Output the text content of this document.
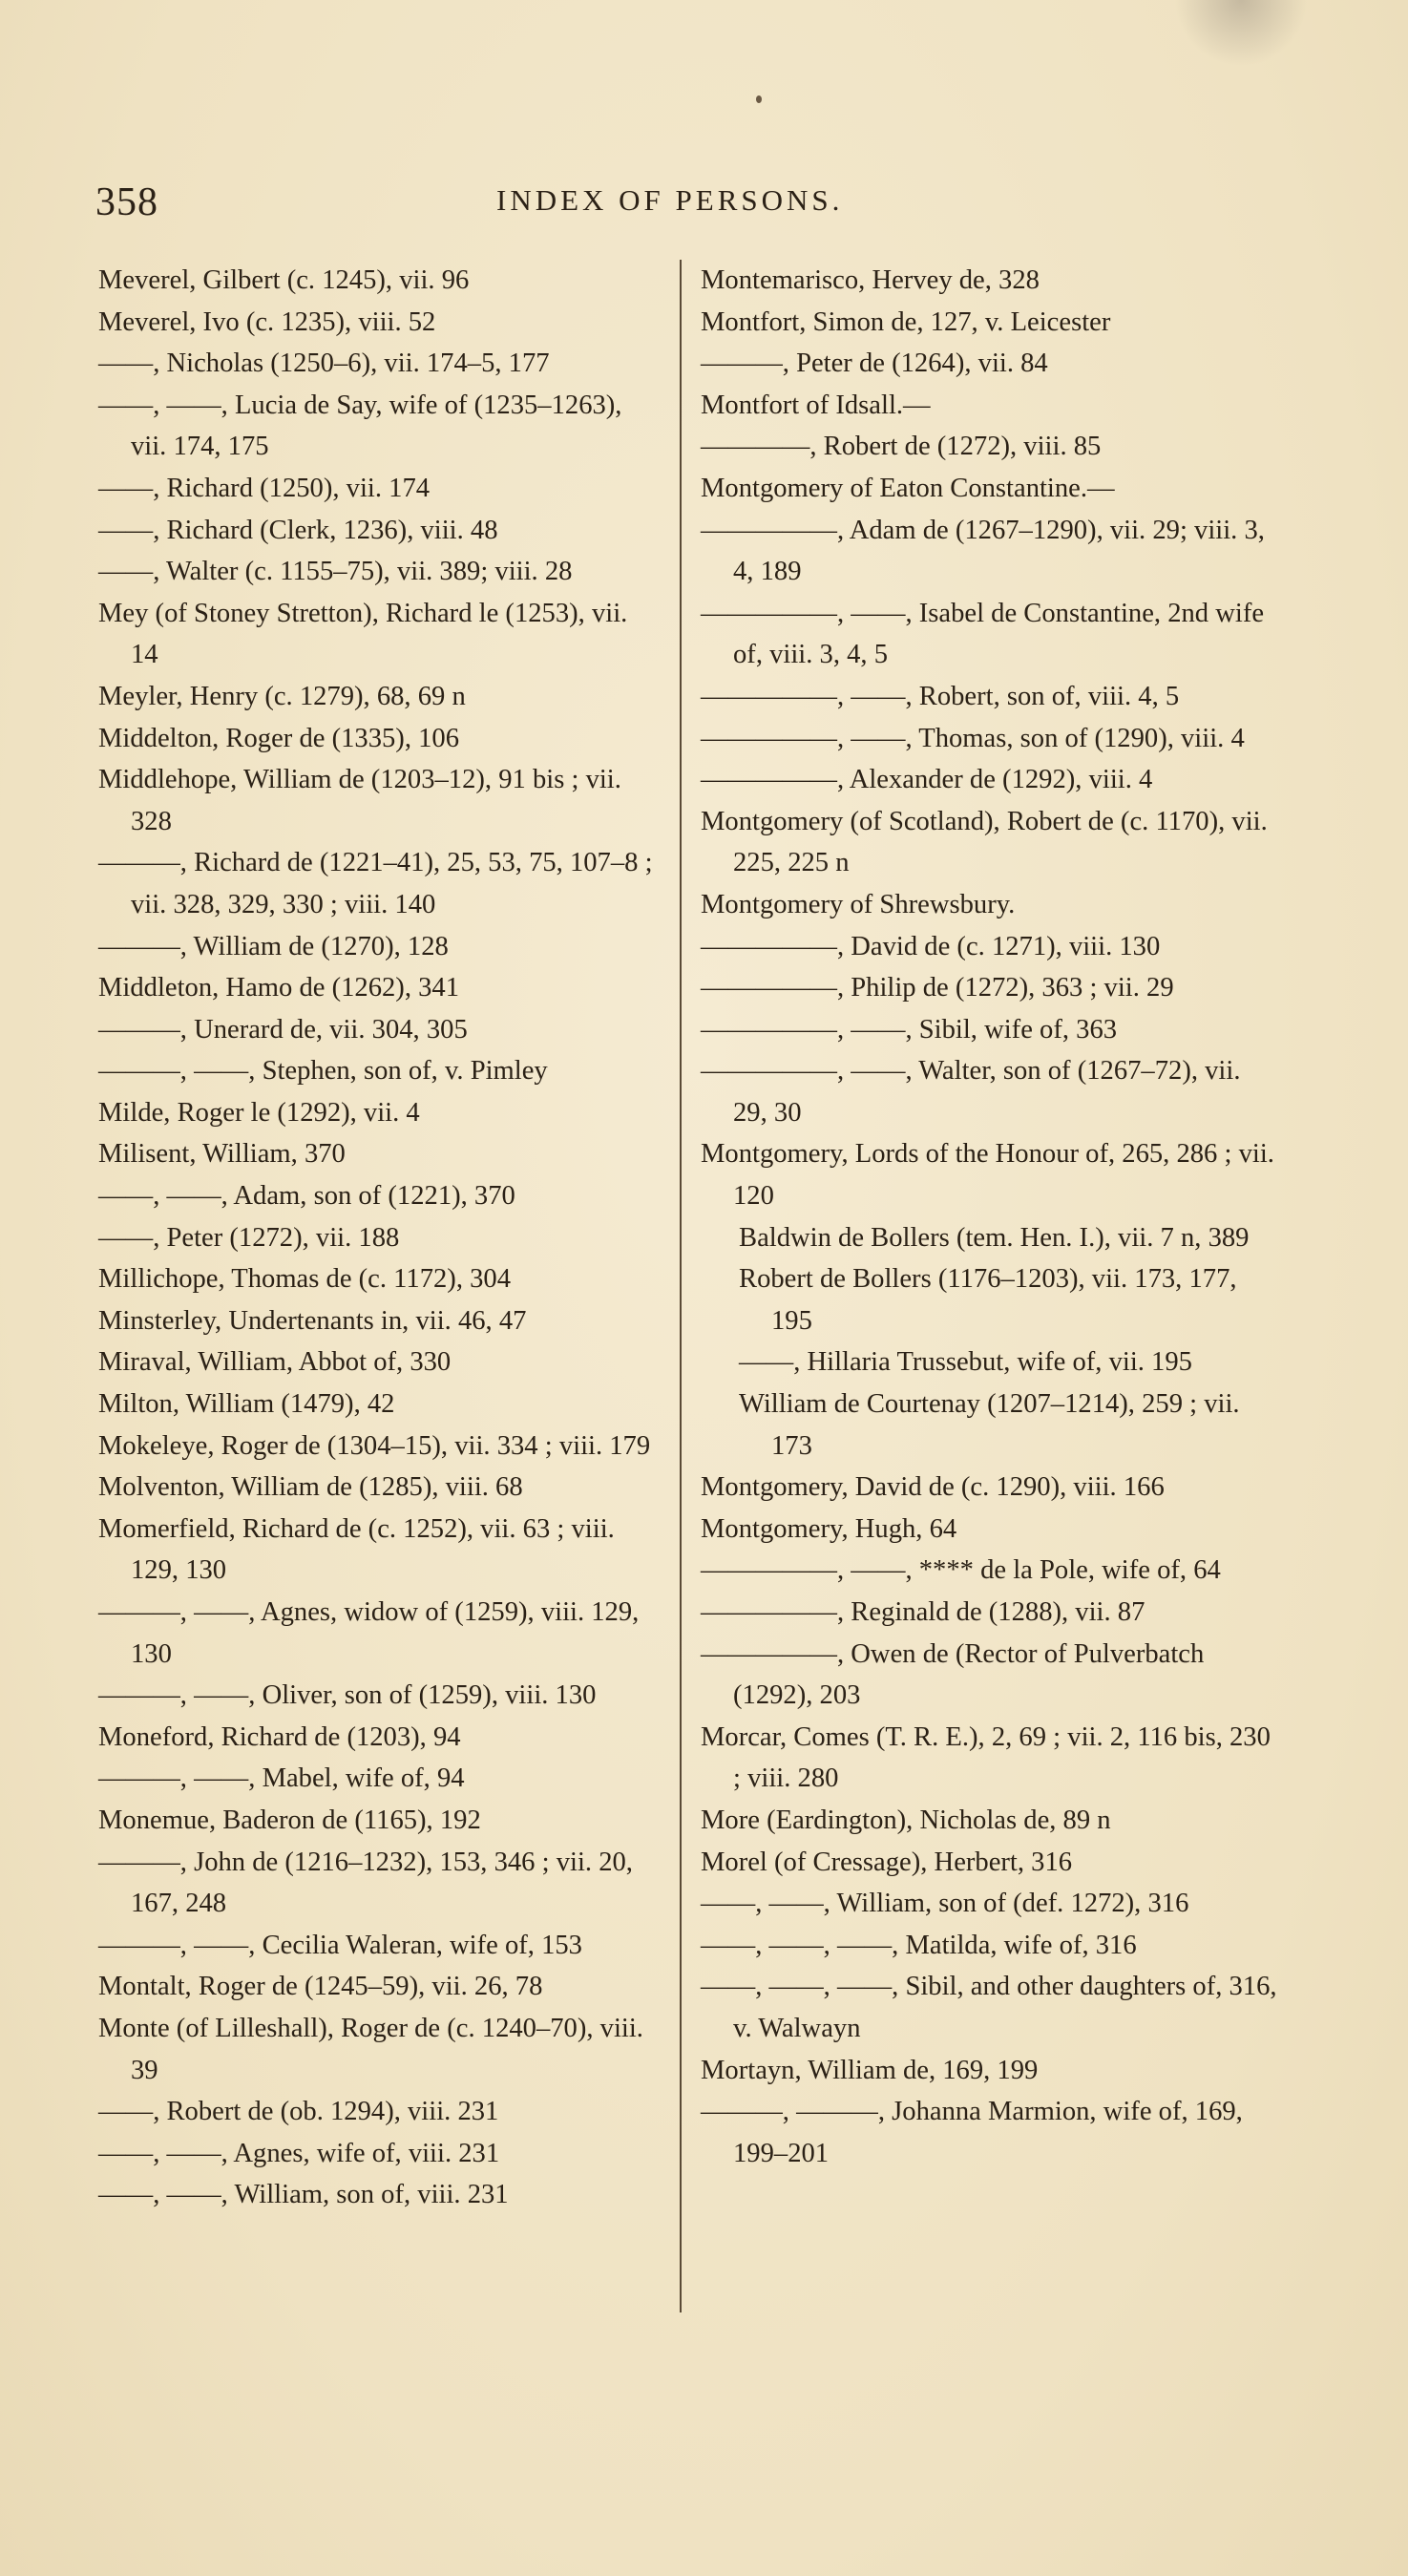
358	INDEX OF PERSONS.

Meverel, Gilbert (c. 1245), vii. 96

Meverel, Ivo (c. 1235), viii. 52

——, Nicholas (1250–6), vii. 174–5, 177

——, ——, Lucia de Say, wife of (1235–1263), vii. 174, 175

——, Richard (1250), vii. 174

——, Richard (Clerk, 1236), viii. 48

——, Walter (c. 1155–75), vii. 389; viii. 28

Mey (of Stoney Stretton), Richard le (1253), vii. 14

Meyler, Henry (c. 1279), 68, 69 n

Middelton, Roger de (1335), 106

Middlehope, William de (1203–12), 91 bis ; vii. 328

———, Richard de (1221–41), 25, 53, 75, 107–8 ; vii. 328, 329, 330 ; viii. 140

———, William de (1270), 128

Middleton, Hamo de (1262), 341

———, Unerard de, vii. 304, 305

———, ——, Stephen, son of, v. Pimley

Milde, Roger le (1292), vii. 4

Milisent, William, 370

——, ——, Adam, son of (1221), 370

——, Peter (1272), vii. 188

Millichope, Thomas de (c. 1172), 304

Minsterley, Undertenants in, vii. 46, 47

Miraval, William, Abbot of, 330

Milton, William (1479), 42

Mokeleye, Roger de (1304–15), vii. 334 ; viii. 179

Molventon, William de (1285), viii. 68

Momerfield, Richard de (c. 1252), vii. 63 ; viii. 129, 130

———, ——, Agnes, widow of (1259), viii. 129, 130

———, ——, Oliver, son of (1259), viii. 130

Moneford, Richard de (1203), 94

———, ——, Mabel, wife of, 94

Monemue, Baderon de (1165), 192

———, John de (1216–1232), 153, 346 ; vii. 20, 167, 248

———, ——, Cecilia Waleran, wife of, 153

Montalt, Roger de (1245–59), vii. 26, 78

Monte (of Lilleshall), Roger de (c. 1240–70), viii. 39

——, Robert de (ob. 1294), viii. 231

——, ——, Agnes, wife of, viii. 231

——, ——, William, son of, viii. 231

Montemarisco, Hervey de, 328

Montfort, Simon de, 127, v. Leicester

———, Peter de (1264), vii. 84

Montfort of Idsall.—

————, Robert de (1272), viii. 85

Montgomery of Eaton Constantine.—

—————, Adam de (1267–1290), vii. 29; viii. 3, 4, 189

—————, ——, Isabel de Constantine, 2nd wife of, viii. 3, 4, 5

—————, ——, Robert, son of, viii. 4, 5

—————, ——, Thomas, son of (1290), viii. 4

—————, Alexander de (1292), viii. 4

Montgomery (of Scotland), Robert de (c. 1170), vii. 225, 225 n

Montgomery of Shrewsbury.

—————, David de (c. 1271), viii. 130

—————, Philip de (1272), 363 ; vii. 29

—————, ——, Sibil, wife of, 363

—————, ——, Walter, son of (1267–72), vii. 29, 30

Montgomery, Lords of the Honour of, 265, 286 ; vii. 120

Baldwin de Bollers (tem. Hen. I.), vii. 7 n, 389

Robert de Bollers (1176–1203), vii. 173, 177, 195

——, Hillaria Trussebut, wife of, vii. 195

William de Courtenay (1207–1214), 259 ; vii. 173

Montgomery, David de (c. 1290), viii. 166

Montgomery, Hugh, 64

—————, ——, **** de la Pole, wife of, 64

—————, Reginald de (1288), vii. 87

—————, Owen de (Rector of Pulverbatch (1292), 203

Morcar, Comes (T. R. E.), 2, 69 ; vii. 2, 116 bis, 230 ; viii. 280

More (Eardington), Nicholas de, 89 n

Morel (of Cressage), Herbert, 316

——, ——, William, son of (def. 1272), 316

——, ——, ——, Matilda, wife of, 316

——, ——, ——, Sibil, and other daughters of, 316, v. Walwayn

Mortayn, William de, 169, 199

———, ———, Johanna Marmion, wife of, 169, 199–201
